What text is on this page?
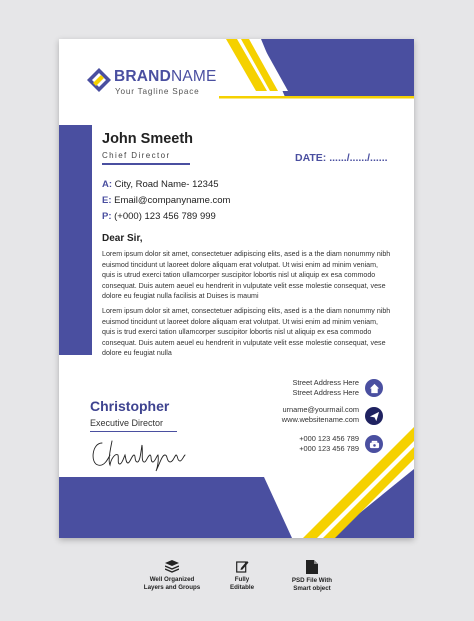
BRANDNAME
Your Tagline Space
John Smeeth
Chief Director	DATE: ....../....../......
A: City, Road Name- 12345
E: Email@companyname.com
P: (+000) 123 456 789 999
Dear Sir,
Lorem ipsum dolor sit amet, consectetuer adipiscing elits, ased is a the diam nonummy nibh euismod tincidunt ut laoreet dolore aliquam erat volutpat. Ut wisi enim ad minim veniam, quis is utrud exerci tation ullamcorper suscipitor lobortis nisl ut aliquip ex esa commodo consequat. Duis autem aeuel eu hendrerit in vulputate velit esse molestie consequat, vese dolore eu feugiat nulla facilisis at Duises is maumi
Lorem ipsum dolor sit amet, consectetuer adipiscing elits, ased is a the diam nonummy nibh euismod tincidunt ut laoreet dolore aliquam erat volutpat. Ut wisi enim ad minim veniam, quis is trud exerci tation ullamcorper suscipitor lobortis nisl ut aliquip ex esa commodo consequat. Duis autem aeuel eu hendrerit in vulputate velit esse molestie consequat, vese dolore eu feugiat nulla
Christopher
Executive Director
Street Address Here
Street Address Here
urname@yourmail.com
www.websitename.com
+000 123 456 789
+000 123 456 789
Well Organized
Layers and Groups
Fully
Editable
PSD File With
Smart object
